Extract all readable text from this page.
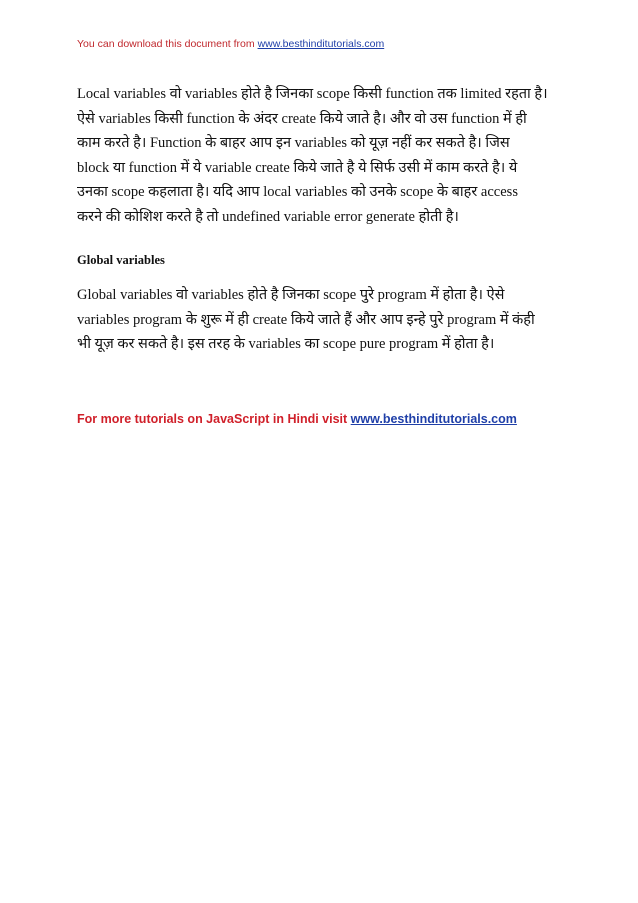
You can download this document from www.besthinditutorials.com
Local variables वो variables होते है जिनका scope किसी function तक limited रहता है।
ऐसे variables किसी function के अंदर create किये जाते है। और वो उस function में ही
काम करते है। Function के बाहर आप इन variables को यूज़ नहीं कर सकते है। जिस
block या function में ये variable create किये जाते है ये सिर्फ उसी में काम करते है। ये
उनका scope कहलाता है। यदि आप local variables को उनके scope के बाहर access
करने की कोशिश करते है तो undefined variable error generate होती है।
Global variables
Global variables वो variables होते है जिनका scope पुरे program में होता है। ऐसे
variables program के शुरू में ही create किये जाते हैं और आप इन्हे पुरे program में कंही
भी यूज़ कर सकते है। इस तरह के variables का scope pure program में होता है।
For more tutorials on JavaScript in Hindi visit www.besthinditutorials.com
